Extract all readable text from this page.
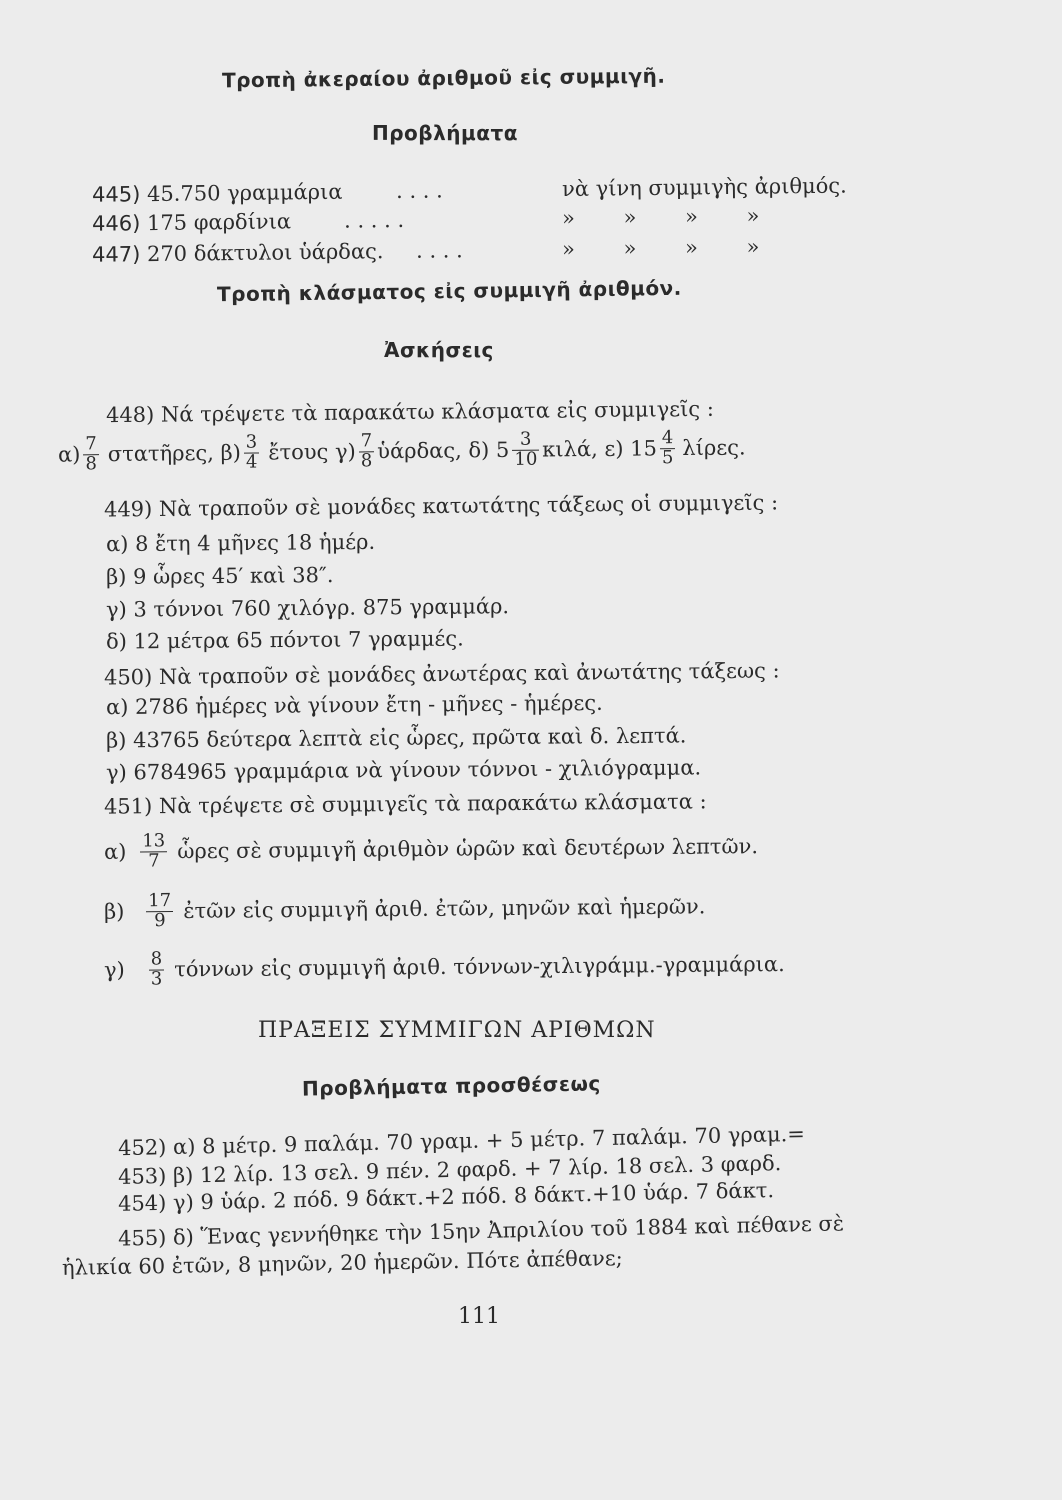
Τροπὴ ἀκεραίου ἀριθμοῦ εἰς συμμιγῆ.
Προβλήματα
445) 45.750 γραμμάρια	. . . .	νὰ γίνη συμμιγὴς ἀριθμός.
446) 175 φαρδίνια	. . . . .	» » » »
447) 270 δάκτυλοι ὑάρδας. . . . .	» » » »
Τροπὴ κλάσματος εἰς συμμιγῆ ἀριθμόν.
Ἀσκήσεις
448) Νά τρέψετε τὰ παρακάτω κλάσματα εἰς συμμιγεῖς :
$\alpha) \frac{7}{8}$ στατῆρες, $\beta) \frac{3}{4}$ ἔτους $\gamma) \frac{7}{8}$ ὑάρδας, δ) $5 \frac{3}{10} \kappa\iota\lambda ά$, ε) $15 \frac{4}{5} \lambda ί\rho\varepsilon\varsigma$.
449) Νὰ τραποῦν σὲ μονάδες κατωτάτης τάξεως οἱ συμμιγεῖς :
α) 8 ἔτη 4 μῆνες 18 ἡμέρ.
β) 9 ὧρες 45′ καὶ 38″.
γ) 3 τόννοι 760 χιλόγρ. 875 γραμμάρ.
δ) 12 μέτρα 65 πόντοι 7 γραμμές.
450) Νὰ τραποῦν σὲ μονάδες ἀνωτέρας καὶ ἀνωτάτης τάξεως :
α) 2786 ἡμέρες νὰ γίνουν ἔτη - μῆνες - ἡμέρες.
β) 43765 δεύτερα λεπτὰ εἰς ὧρες, πρῶτα καὶ δ. λεπτά.
γ) 6784965 γραμμάρια νὰ γίνουν τόννοι - χιλιόγραμμα.
451) Νὰ τρέψετε σὲ συμμιγεῖς τὰ παρακάτω κλάσματα :
$\alpha) \frac{13}{7}$ ὧρες σὲ συμμιγῆ ἀριθμὸν ὡρῶν καὶ δευτέρων λεπτῶν.
$\beta) \frac{17}{9}$ ἐτῶν εἰς συμμιγῆ ἀριθ. ἐτῶν, μηνῶν καὶ ἡμερῶν.
$\gamma) \frac{8}{3}$ τόννων εἰς συμμιγῆ ἀριθ. τόννων-χιλιγράμμ.-γραμμάρια.
ΠΡΑΞΕΙΣ ΣΥΜΜΙΓΩΝ ΑΡΙΘΜΩΝ
Προβλήματα προσθέσεως
452) α) 8 μέτρ. 9 παλάμ. 70 γραμ. + 5 μέτρ. 7 παλάμ. 70 γραμ.=
453) β) 12 λίρ. 13 σελ. 9 πέν. 2 φαρδ. + 7 λίρ. 18 σελ. 3 φαρδ.
454) γ) 9 ὑάρ. 2 πόδ. 9 δάκτ.+2 πόδ. 8 δάκτ.+10 ὑάρ. 7 δάκτ.
455) δ) Ἕνας γεννήθηκε τὴν 15ην Ἀπριλίου τοῦ 1884 καὶ πέθανε σὲ
ἡλικία 60 ἐτῶν, 8 μηνῶν, 20 ἡμερῶν. Πότε ἀπέθανε;
111
